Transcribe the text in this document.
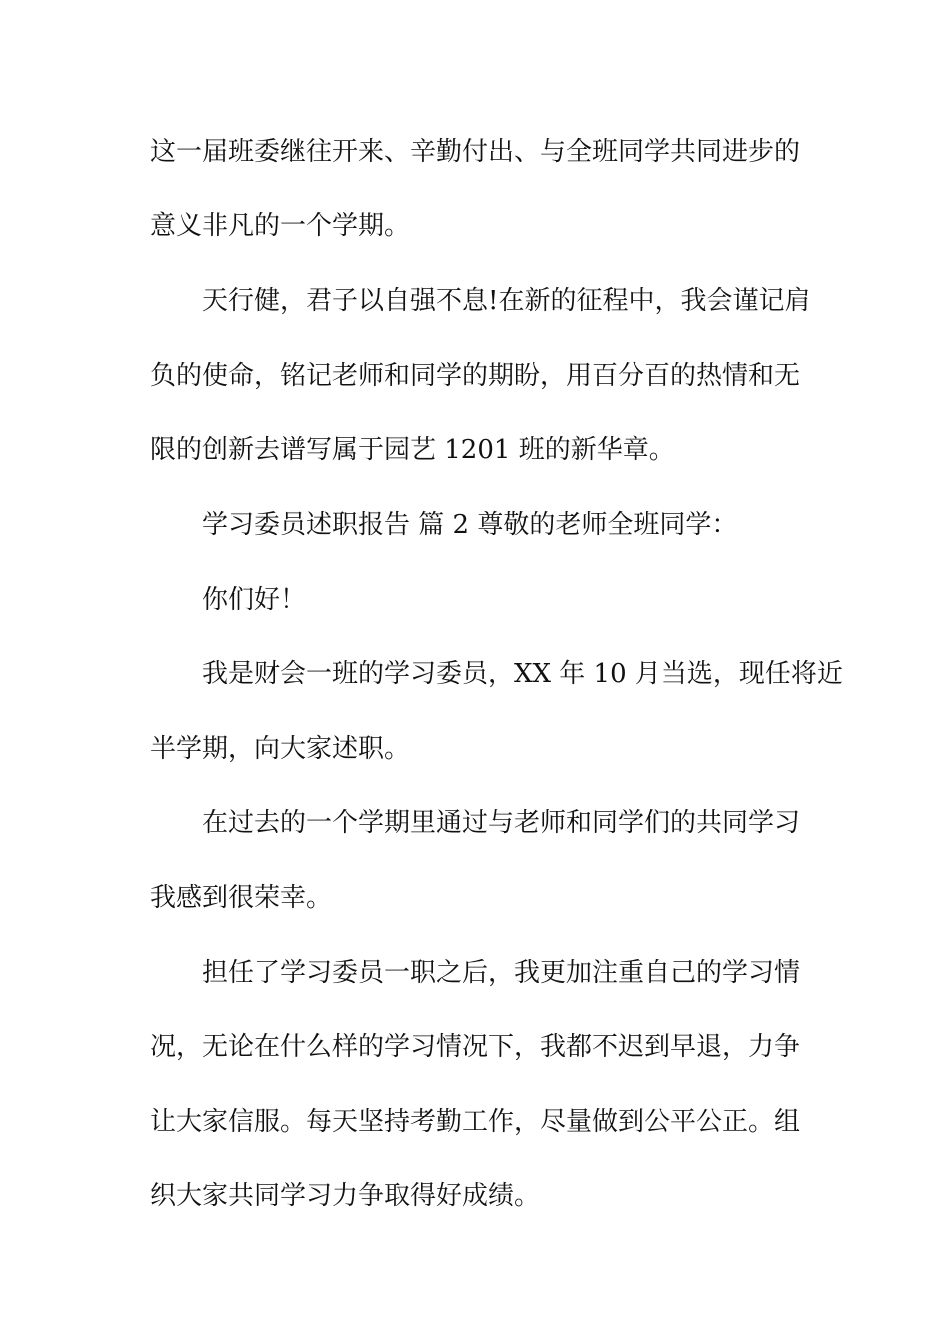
这一届班委继往开来、辛勤付出、与全班同学共同进步的
意义非凡的一个学期。
天行健，君子以自强不息!在新的征程中，我会谨记肩
负的使命，铭记老师和同学的期盼，用百分百的热情和无
限的创新去谱写属于园艺 1201 班的新华章。
学习委员述职报告 篇 2 尊敬的老师全班同学：
你们好！
我是财会一班的学习委员，XX 年 10 月当选，现任将近
半学期，向大家述职。
在过去的一个学期里通过与老师和同学们的共同学习
我感到很荣幸。
担任了学习委员一职之后，我更加注重自己的学习情
况，无论在什么样的学习情况下，我都不迟到早退，力争
让大家信服。每天坚持考勤工作，尽量做到公平公正。组
织大家共同学习力争取得好成绩。
